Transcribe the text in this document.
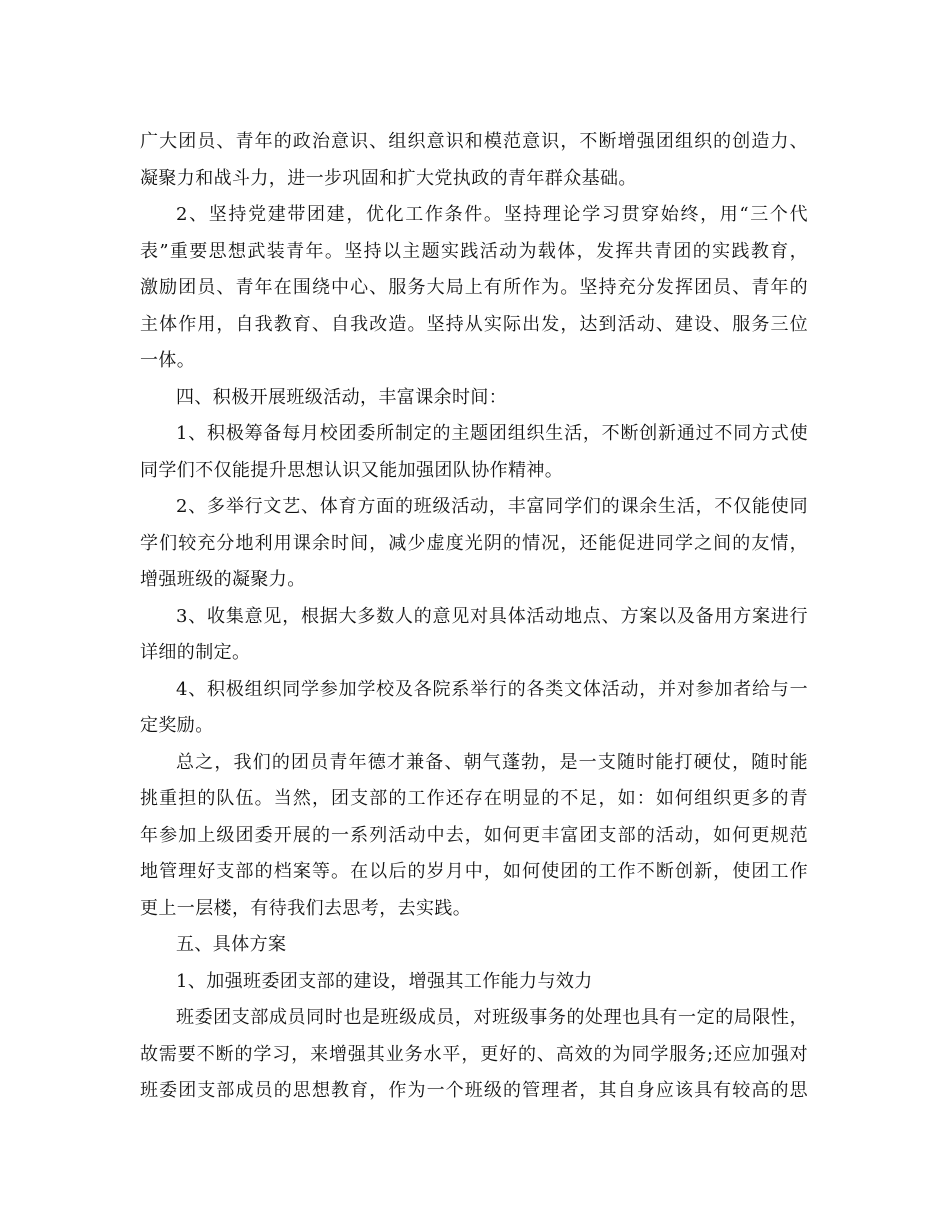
广大团员、青年的政治意识、组织意识和模范意识，不断增强团组织的创造力、
凝聚力和战斗力，进一步巩固和扩大党执政的青年群众基础。
2、坚持党建带团建，优化工作条件。坚持理论学习贯穿始终，用“三个代
表”重要思想武装青年。坚持以主题实践活动为载体，发挥共青团的实践教育，
激励团员、青年在围绕中心、服务大局上有所作为。坚持充分发挥团员、青年的
主体作用，自我教育、自我改造。坚持从实际出发，达到活动、建设、服务三位
一体。
四、积极开展班级活动，丰富课余时间：
1、积极筹备每月校团委所制定的主题团组织生活，不断创新通过不同方式使
同学们不仅能提升思想认识又能加强团队协作精神。
2、多举行文艺、体育方面的班级活动，丰富同学们的课余生活，不仅能使同
学们较充分地利用课余时间，减少虚度光阴的情况，还能促进同学之间的友情，
增强班级的凝聚力。
3、收集意见，根据大多数人的意见对具体活动地点、方案以及备用方案进行
详细的制定。
4、积极组织同学参加学校及各院系举行的各类文体活动，并对参加者给与一
定奖励。
总之，我们的团员青年德才兼备、朝气蓬勃，是一支随时能打硬仗，随时能
挑重担的队伍。当然，团支部的工作还存在明显的不足，如：如何组织更多的青
年参加上级团委开展的一系列活动中去，如何更丰富团支部的活动，如何更规范
地管理好支部的档案等。在以后的岁月中，如何使团的工作不断创新，使团工作
更上一层楼，有待我们去思考，去实践。
五、具体方案
1、加强班委团支部的建设，增强其工作能力与效力
班委团支部成员同时也是班级成员，对班级事务的处理也具有一定的局限性，
故需要不断的学习，来增强其业务水平，更好的、高效的为同学服务;还应加强对
班委团支部成员的思想教育，作为一个班级的管理者，其自身应该具有较高的思
